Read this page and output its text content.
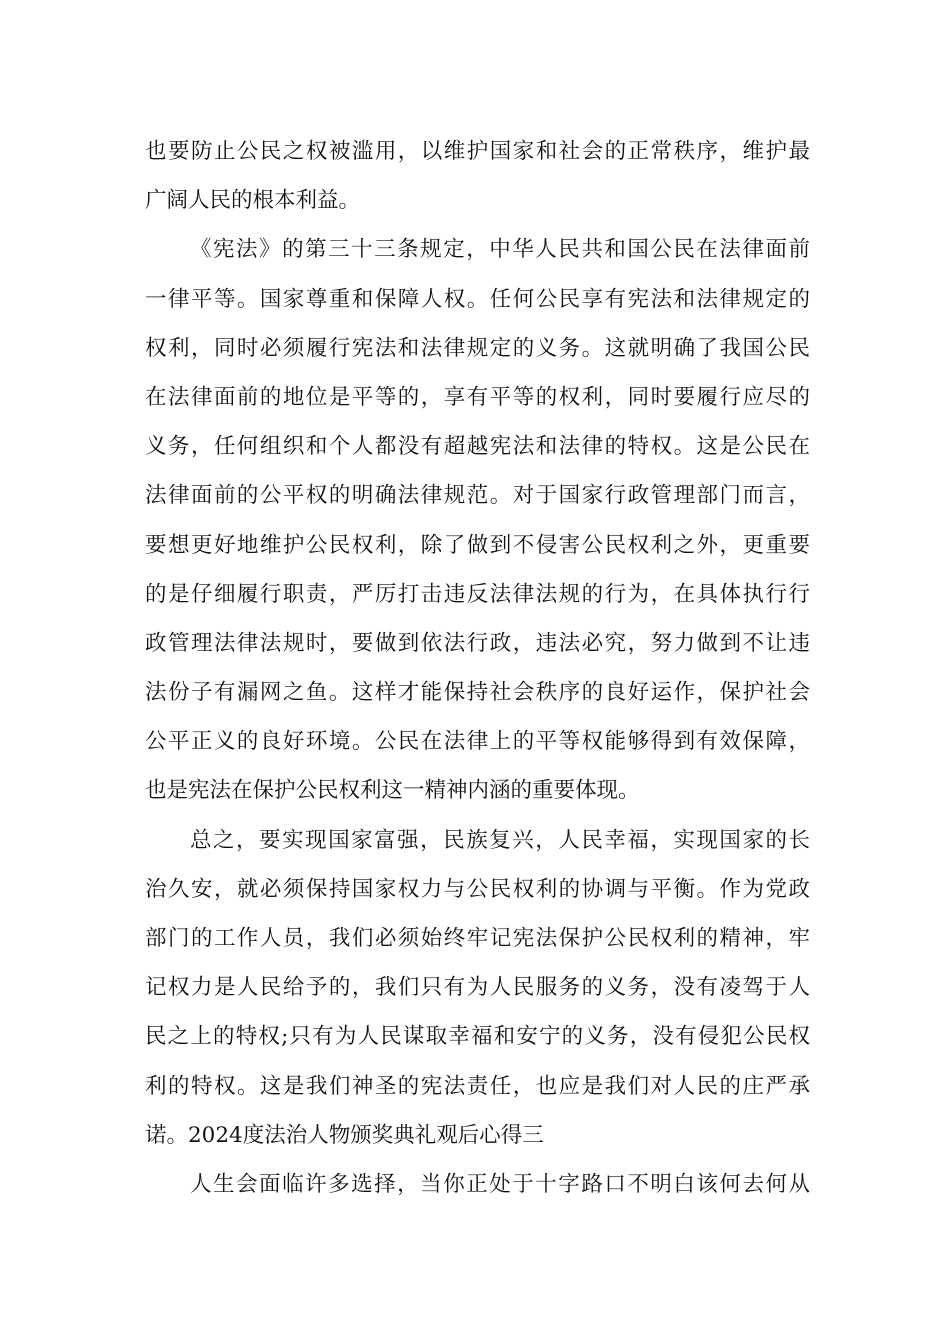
也要防止公民之权被滥用，以维护国家和社会的正常秩序，维护最
广阔人民的根本利益。
《宪法》的第三十三条规定，中华人民共和国公民在法律面前
一律平等。国家尊重和保障人权。任何公民享有宪法和法律规定的
权利，同时必须履行宪法和法律规定的义务。这就明确了我国公民
在法律面前的地位是平等的，享有平等的权利，同时要履行应尽的
义务，任何组织和个人都没有超越宪法和法律的特权。这是公民在
法律面前的公平权的明确法律规范。对于国家行政管理部门而言，
要想更好地维护公民权利，除了做到不侵害公民权利之外，更重要
的是仔细履行职责，严厉打击违反法律法规的行为，在具体执行行
政管理法律法规时，要做到依法行政，违法必究，努力做到不让违
法份子有漏网之鱼。这样才能保持社会秩序的良好运作，保护社会
公平正义的良好环境。公民在法律上的平等权能够得到有效保障，
也是宪法在保护公民权利这一精神内涵的重要体现。
总之，要实现国家富强，民族复兴，人民幸福，实现国家的长
治久安，就必须保持国家权力与公民权利的协调与平衡。作为党政
部门的工作人员，我们必须始终牢记宪法保护公民权利的精神，牢
记权力是人民给予的，我们只有为人民服务的义务，没有凌驾于人
民之上的特权;只有为人民谋取幸福和安宁的义务，没有侵犯公民权
利的特权。这是我们神圣的宪法责任，也应是我们对人民的庄严承
诺。2024度法治人物颁奖典礼观后心得三
人生会面临许多选择，当你正处于十字路口不明白该何去何从
